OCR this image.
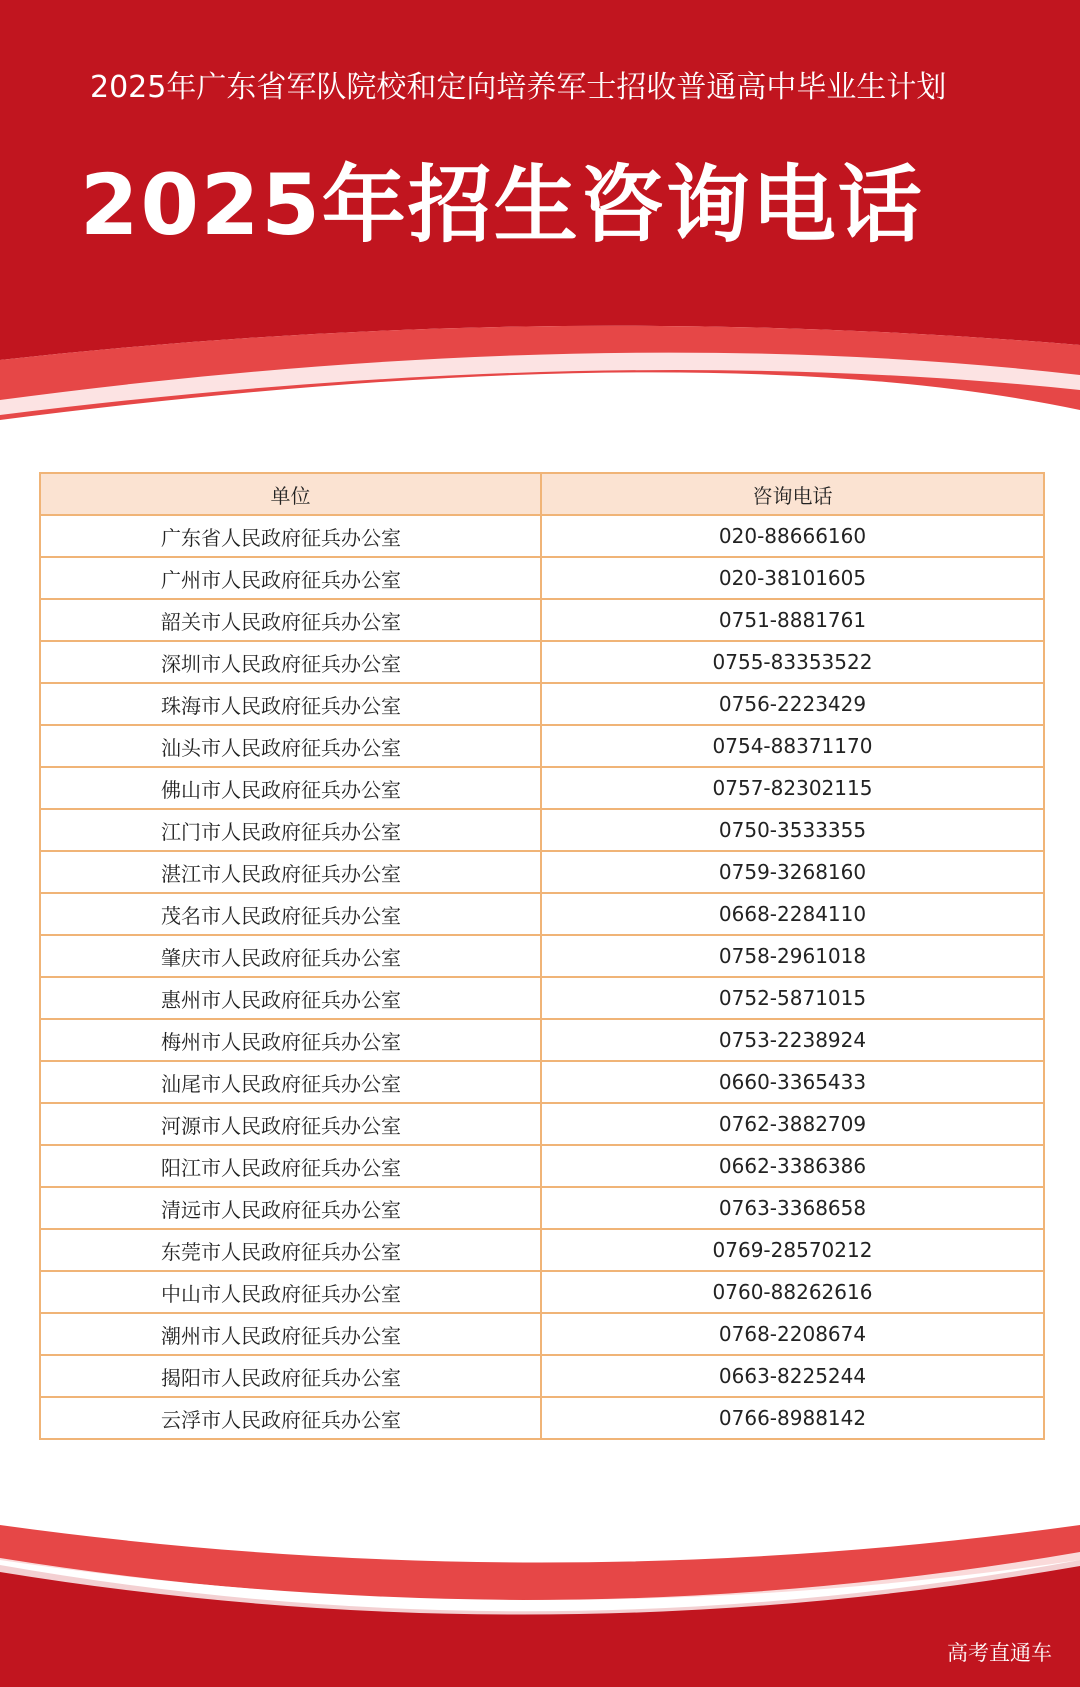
2025年广东省军队院校和定向培养军士招收普通高中毕业生计划
2025年招生咨询电话
单位	咨询电话
广东省人民政府征兵办公室	020-88666160
广州市人民政府征兵办公室	020-38101605
韶关市人民政府征兵办公室	0751-8881761
深圳市人民政府征兵办公室	0755-83353522
珠海市人民政府征兵办公室	0756-2223429
汕头市人民政府征兵办公室	0754-88371170
佛山市人民政府征兵办公室	0757-82302115
江门市人民政府征兵办公室	0750-3533355
湛江市人民政府征兵办公室	0759-3268160
茂名市人民政府征兵办公室	0668-2284110
肇庆市人民政府征兵办公室	0758-2961018
惠州市人民政府征兵办公室	0752-5871015
梅州市人民政府征兵办公室	0753-2238924
汕尾市人民政府征兵办公室	0660-3365433
河源市人民政府征兵办公室	0762-3882709
阳江市人民政府征兵办公室	0662-3386386
清远市人民政府征兵办公室	0763-3368658
东莞市人民政府征兵办公室	0769-28570212
中山市人民政府征兵办公室	0760-88262616
潮州市人民政府征兵办公室	0768-2208674
揭阳市人民政府征兵办公室	0663-8225244
云浮市人民政府征兵办公室	0766-8988142
高考直通车
